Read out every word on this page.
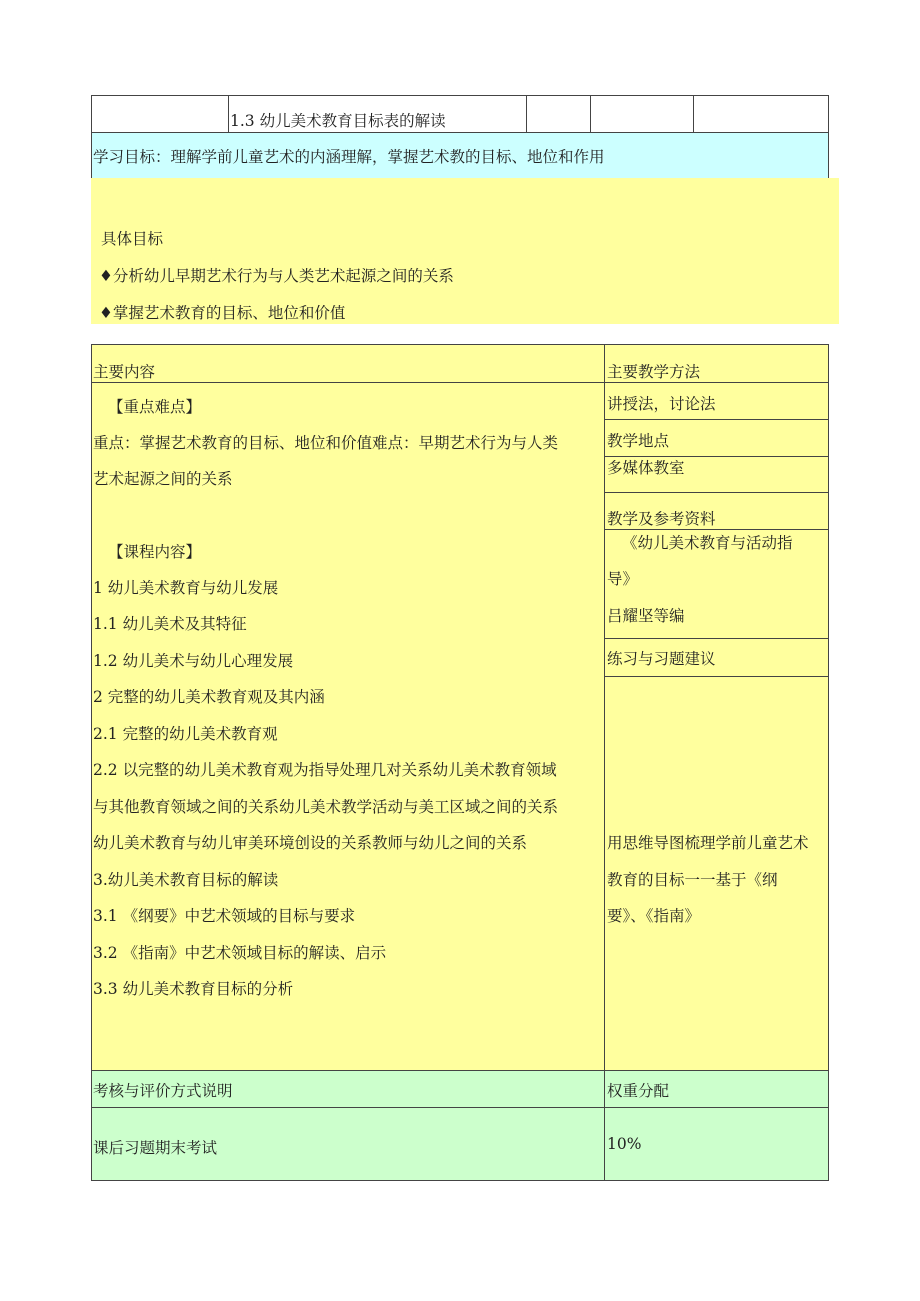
1.3 幼儿美术教育目标表的解读
学习目标：理解学前儿童艺术的内涵理解，掌握艺术教的目标、地位和作用
具体目标
♦分析幼儿早期艺术行为与人类艺术起源之间的关系
♦掌握艺术教育的目标、地位和价值
主要内容
【重点难点】
重点：掌握艺术教育的目标、地位和价值难点：早期艺术行为与人类
艺术起源之间的关系
【课程内容】
1 幼儿美术教育与幼儿发展
1.1 幼儿美术及其特征
1.2 幼儿美术与幼儿心理发展
2 完整的幼儿美术教育观及其内涵
2.1 完整的幼儿美术教育观
2.2 以完整的幼儿美术教育观为指导处理几对关系幼儿美术教育领域
与其他教育领域之间的关系幼儿美术教学活动与美工区域之间的关系
幼儿美术教育与幼儿审美环境创设的关系教师与幼儿之间的关系
3.幼儿美术教育目标的解读
3.1 《纲要》中艺术领域的目标与要求
3.2 《指南》中艺术领域目标的解读、启示
3.3 幼儿美术教育目标的分析
主要教学方法
讲授法，讨论法
教学地点
多媒体教室
教学及参考资料
《幼儿美术教育与活动指
导》
吕耀坚等编
练习与习题建议
用思维导图梳理学前儿童艺术
教育的目标一一基于《纲
要》、《指南》
考核与评价方式说明	权重分配
课后习题期末考试	10%
